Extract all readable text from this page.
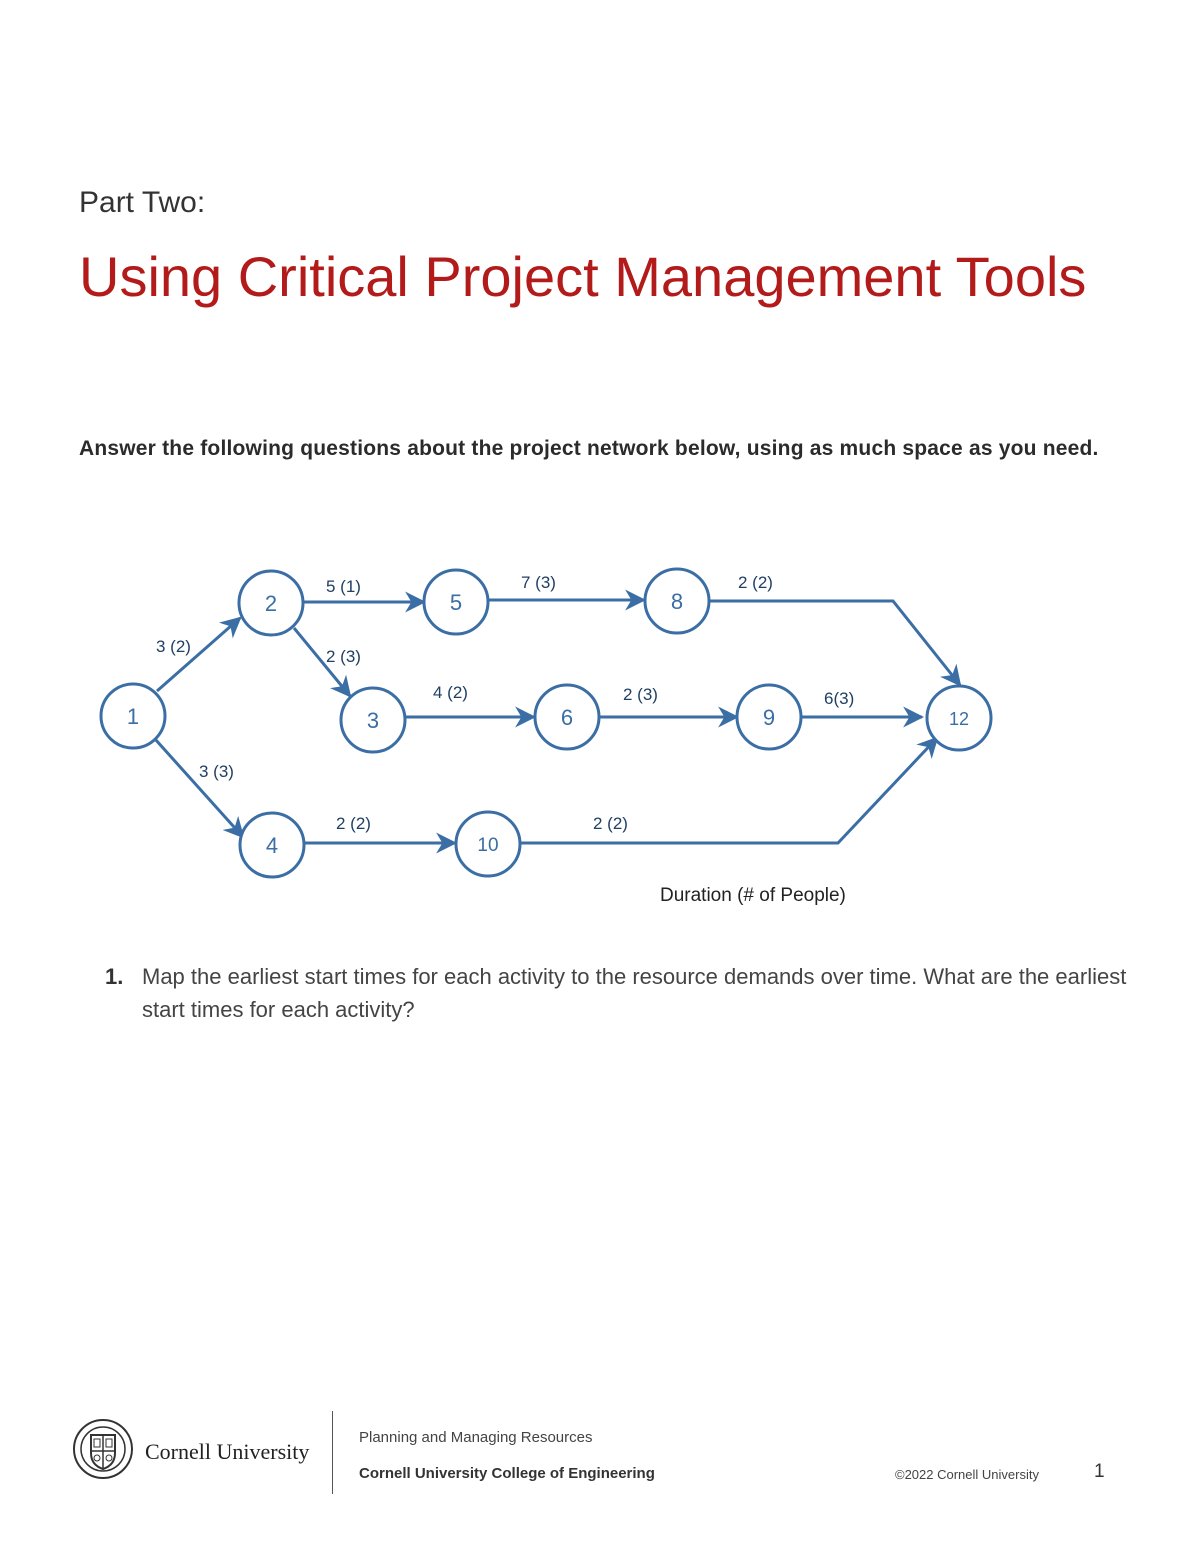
Part Two:
Using Critical Project Management Tools
Answer the following questions about the project network below, using as much space as you need.
1
2
3
4
5
6
8
9
10
12
3 (2)
3 (3)
5 (1)
2 (3)
7 (3)	2 (2)
4 (2)	2 (3)	6(3)
2 (2)	2 (2)
Duration (# of People)
1. Map the earliest start times for each activity to the resource demands over time. What are the earliest start times for each activity?
Cornell University
Planning and Managing Resources
Cornell University College of Engineering	©2022 Cornell University	1
